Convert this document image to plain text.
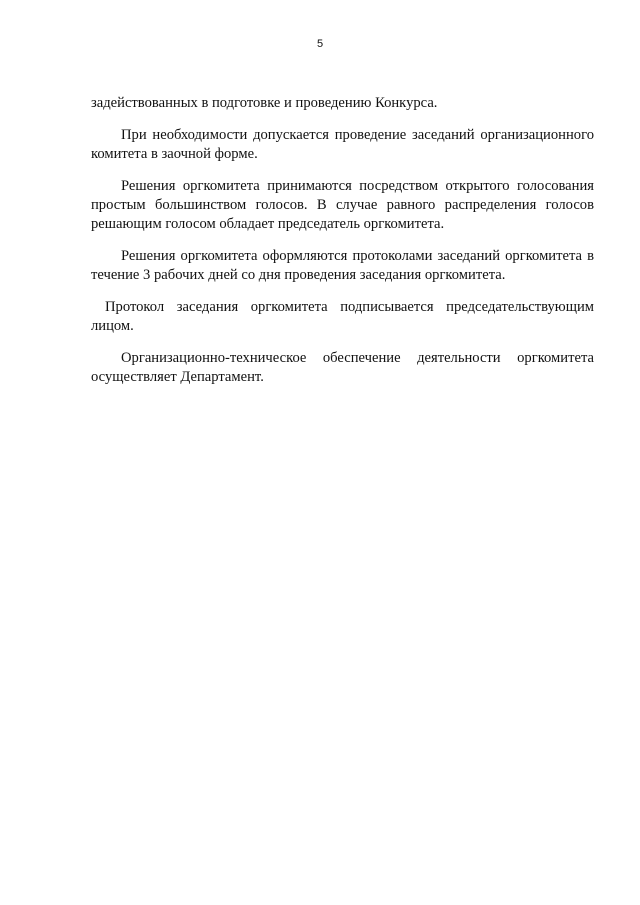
5

задействованных в подготовке и проведению Конкурса.

При необходимости допускается проведение заседаний организационного комитета в заочной форме.

Решения оргкомитета принимаются посредством открытого голосования простым большинством голосов. В случае равного распределения голосов решающим голосом обладает председатель оргкомитета.

Решения оргкомитета оформляются протоколами заседаний оргкомитета в течение 3 рабочих дней со дня проведения заседания оргкомитета.

Протокол заседания оргкомитета подписывается председательствующим лицом.

Организационно-техническое обеспечение деятельности оргкомитета осуществляет Департамент.
